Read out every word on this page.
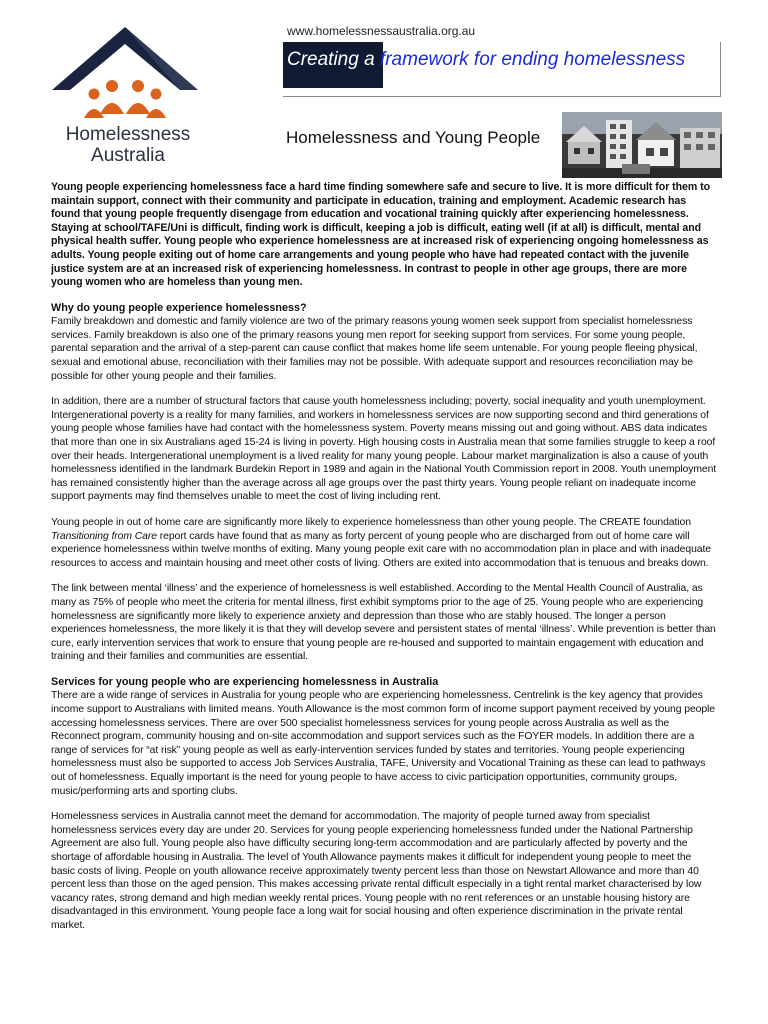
Homelessness
Australia
www.homelessnessaustralia.org.au
Creating a framework for ending homelessness
Homelessness and Young People

Young people experiencing homelessness face a hard time finding somewhere safe and secure to live. It is more difficult for them to maintain support, connect with their community and participate in education, training and employment. Academic research has found that young people frequently disengage from education and vocational training quickly after experiencing homelessness. Staying at school/TAFE/Uni is difficult, finding work is difficult, keeping a job is difficult, eating well (if at all) is difficult, mental and physical health suffer. Young people who experience homelessness are at increased risk of experiencing ongoing homelessness as adults. Young people exiting out of home care arrangements and young people who have had repeated contact with the juvenile justice system are at an increased risk of experiencing homelessness. In contrast to people in other age groups, there are more young women who are homeless than young men.

Why do young people experience homelessness?

Family breakdown and domestic and family violence are two of the primary reasons young women seek support from specialist homelessness services. Family breakdown is also one of the primary reasons young men report for seeking support from services. For some young people, parental separation and the arrival of a step-parent can cause conflict that makes home life seem untenable. For young people fleeing physical, sexual and emotional abuse, reconciliation with their families may not be possible. With adequate support and resources reconciliation may be possible for other young people and their families.

In addition, there are a number of structural factors that cause youth homelessness including; poverty, social inequality and youth unemployment. Intergenerational poverty is a reality for many families, and workers in homelessness services are now supporting second and third generations of young people whose families have had contact with the homelessness system. Poverty means missing out and going without. ABS data indicates that more than one in six Australians aged 15-24 is living in poverty. High housing costs in Australia mean that some families struggle to keep a roof over their heads. Intergenerational unemployment is a lived reality for many young people. Labour market marginalization is also a cause of youth homelessness identified in the landmark Burdekin Report in 1989 and again in the National Youth Commission report in 2008. Youth unemployment has remained consistently higher than the average across all age groups over the past thirty years. Young people reliant on inadequate income support payments may find themselves unable to meet the cost of living including rent.

Young people in out of home care are significantly more likely to experience homelessness than other young people. The CREATE foundation Transitioning from Care report cards have found that as many as forty percent of young people who are discharged from out of home care will experience homelessness within twelve months of exiting. Many young people exit care with no accommodation plan in place and with inadequate resources to access and maintain housing and meet other costs of living. Others are exited into accommodation that is tenuous and breaks down.

The link between mental ‘illness’ and the experience of homelessness is well established. According to the Mental Health Council of Australia, as many as 75% of people who meet the criteria for mental illness, first exhibit symptoms prior to the age of 25. Young people who are experiencing homelessness are significantly more likely to experience anxiety and depression than those who are stably housed. The longer a person experiences homelessness, the more likely it is that they will develop severe and persistent states of mental ‘illness’. While prevention is better than cure, early intervention services that work to ensure that young people are re-housed and supported to maintain engagement with education and training and their families and communities are essential.

Services for young people who are experiencing homelessness in Australia

There are a wide range of services in Australia for young people who are experiencing homelessness. Centrelink is the key agency that provides income support to Australians with limited means. Youth Allowance is the most common form of income support payment received by young people accessing homelessness services. There are over 500 specialist homelessness services for young people across Australia as well as the Reconnect program, community housing and on-site accommodation and support services such as the FOYER models. In addition there are a range of services for “at risk” young people as well as early-intervention services funded by states and territories. Young people experiencing homelessness must also be supported to access Job Services Australia, TAFE, University and Vocational Training as these can lead to pathways out of homelessness. Equally important is the need for young people to have access to civic participation opportunities, community groups, music/performing arts and sporting clubs.

Homelessness services in Australia cannot meet the demand for accommodation. The majority of people turned away from specialist homelessness services every day are under 20. Services for young people experiencing homelessness funded under the National Partnership Agreement are also full. Young people also have difficulty securing long-term accommodation and are particularly affected by poverty and the shortage of affordable housing in Australia. The level of Youth Allowance payments makes it difficult for independent young people to meet the basic costs of living. People on youth allowance receive approximately twenty percent less than those on Newstart Allowance and more than 40 percent less than those on the aged pension. This makes accessing private rental difficult especially in a tight rental market characterised by low vacancy rates, strong demand and high median weekly rental prices. Young people with no rent references or an unstable housing history are disadvantaged in this environment. Young people face a long wait for social housing and often experience discrimination in the private rental market.
